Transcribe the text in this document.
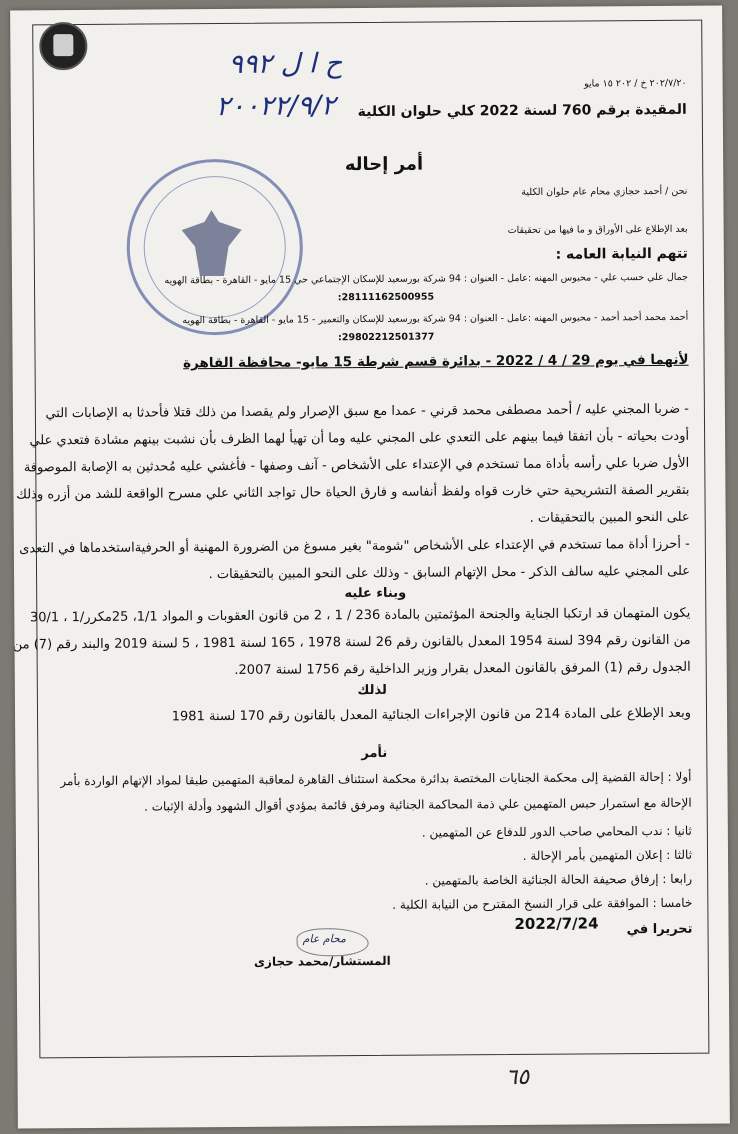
ح ا ل ٩٩٢
٢٠٠٢٢/٩/٢
٢٠٢/٧/٢٠ خ / ٢٠٢ ١٥ مايو
المقيدة برقم 760 لسنة 2022 كلي حلوان الكلية
أمر إحاله
نحن / أحمد حجازي محام عام حلوان الكلية
بعد الإطلاع على الأوراق و ما فيها من تحقيقات
تتهم النيابة العامه :
جمال علي حسب علي - محبوس المهنه :عامل - العنوان : 94 شركة بورسعيد للإسكان الإجتماعي حي 15 مايو - القاهرة - بطاقة الهويه
28111162500955:
أحمد محمد أحمد أحمد - محبوس المهنه :عامل - العنوان : 94 شركة بورسعيد للإسكان والتعمير - 15 مايو - القاهرة - بطاقة الهويه
29802212501377:
لأنهما في يوم 29 / 4 / 2022 - بدائرة قسم شرطة 15 مايو- محافظة القاهرة
- ضربا المجني عليه / أحمد مصطفى محمد قرني - عمدا مع سبق الإصرار ولم يقصدا من ذلك قتلا فأحدثا به الإصابات التي
أودت بحياته - بأن اتفقا فيما بينهم على التعدي على المجني عليه وما أن تهيأ لهما الظرف بأن نشبت بينهم مشادة فتعدي علي
الأول ضربا علي رأسه بأداة مما تستخدم في الإعتداء على الأشخاص - آنف وصفها - فأغشي عليه مُحدثين به الإصابة الموصوفة
بتقرير الصفة التشريحية حتي خارت قواه ولفظ أنفاسه و فارق الحياة حال تواجد الثاني علي مسرح الواقعة للشد من أزره وذلك
على النحو المبين بالتحقيقات .
- أحرزا أداة مما تستخدم في الإعتداء على الأشخاص "شومة" بغير مسوغ من الضرورة المهنية أو الحرفيةاستخدماها في التعدى
على المجني عليه سالف الذكر - محل الإتهام السابق - وذلك على النحو المبين بالتحقيقات .
وبناء عليه
يكون المتهمان قد ارتكبا الجناية والجنحة المؤثمتين بالمادة 236 / 1 ، 2 من قانون العقوبات و المواد 1/1، 25مكرر/1 ، 30/1
من القانون رقم 394 لسنة 1954 المعدل بالقانون رقم 26 لسنة 1978 ، 165 لسنة 1981 ، 5 لسنة 2019 والبند رقم (7) من
الجدول رقم (1) المرفق بالقانون المعدل بقرار وزير الداخلية رقم 1756 لسنة 2007.
لذلك
وبعد الإطلاع على المادة 214 من قانون الإجراءات الجنائية المعدل بالقانون رقم 170 لسنة 1981
نأمر
أولا : إحالة القضية إلى محكمة الجنايات المختصة بدائرة محكمة استئناف القاهرة لمعاقبة المتهمين طبقا لمواد الإتهام الواردة بأمر
الإحالة مع استمرار حبس المتهمين علي ذمة المحاكمة الجنائية ومرفق قائمة بمؤدي أقوال الشهود وأدلة الإثبات .
ثانيا : ندب المحامي صاحب الدور للدفاع عن المتهمين .
ثالثا : إعلان المتهمين بأمر الإحالة .
رابعا : إرفاق صحيفة الحالة الجنائية الخاصة بالمتهمين .
خامسا : الموافقة على قرار النسخ المقترح من النيابة الكلية .
تحريرا في
2022/7/24
محام عام
المستشار/محمد حجازى
٦٥
